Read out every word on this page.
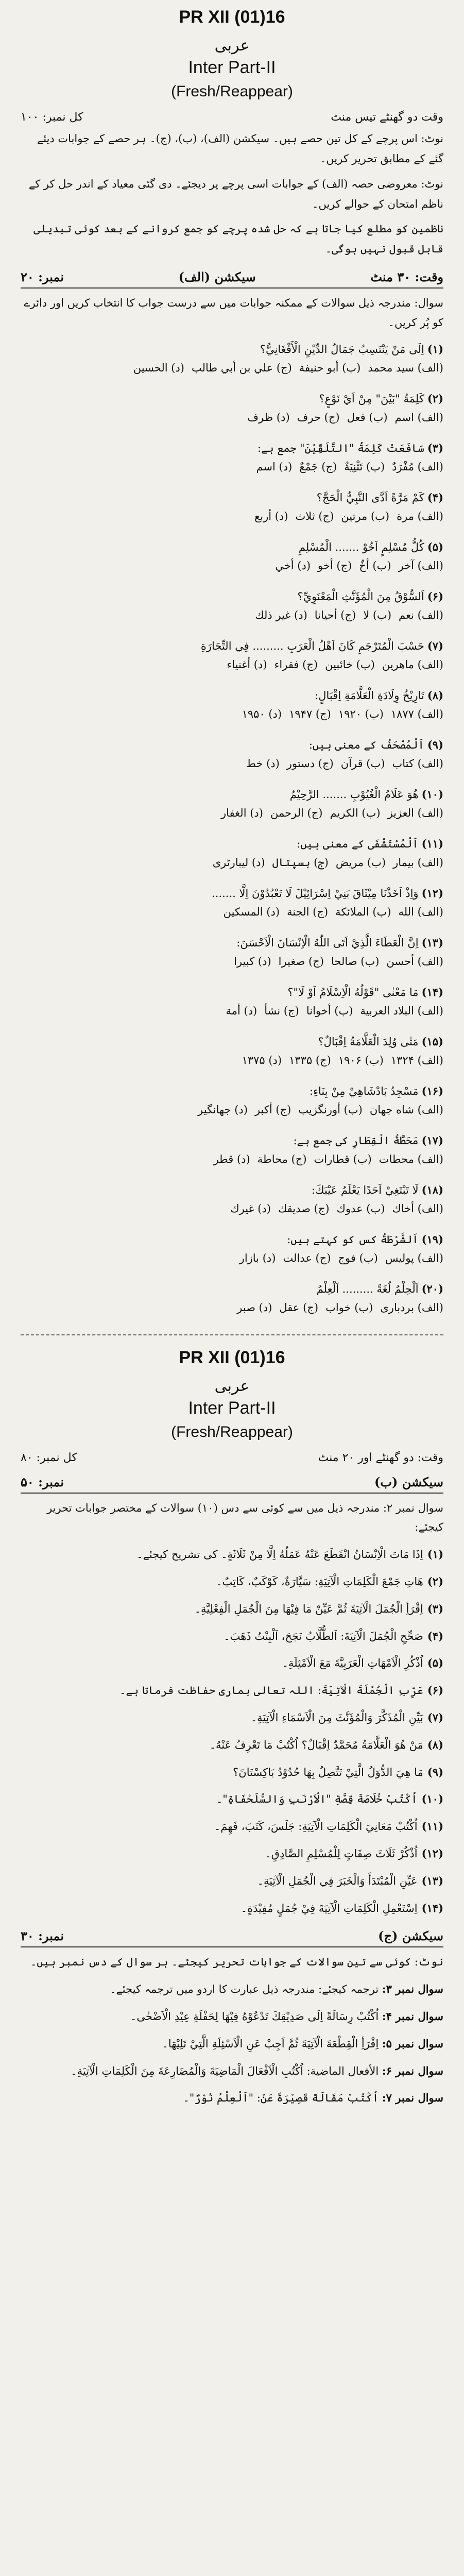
PR XII (01)16
عربی
Inter Part-II
(Fresh/Reappear)
وقت دو گھنٹے تیس منٹ
کل نمبر: ۱۰۰
نوٹ: اس پرچے کے کل تین حصے ہیں۔ سیکشن (الف)، (ب)، (ج)۔ ہر حصے کے جوابات دیئے گئے کے مطابق تحریر کریں۔
نوٹ: معروضی حصہ (الف) کے جوابات اسی پرچے پر دیجئے۔ دی گئی معیاد کے اندر حل کر کے ناظم امتحان کے حوالے کریں۔
ناظمین کو مطلع کیا جاتا ہے کہ حل شدہ پرچے کو جمع کروانے کے بعد کوئی تبدیلی قابل قبول نہیں ہوگی۔
وقت: ۳۰ منٹ
سیکشن (الف)
نمبر: ۲۰
سوال: مندرجہ ذیل سوالات کے ممکنہ جوابات میں سے درست جواب کا انتخاب کریں اور دائرے کو پُر کریں۔
(۱)اِلَى مَنْ يَنْتَسِبُ جَمَالُ الدِّيْنِ الْأَفْغَانِيُّ؟
(الف) سيد محمد(ب) أبو حنيفة(ج) علي بن أبي طالب(د) الحسين
(۲)كَلِمَةُ "بَيْنَ" مِنْ اَيْ نَوْعٍ؟
(الف) اسم(ب) فعل(ج) حرف(د) ظرف
(۳)سَافَعَتْ كَلِمَةُ "التَّلَقِّيْنَ" جمع ہے:
(الف) مُفْرَدٌ(ب) تَثْنِيَةٌ(ج) جَمْعٌ(د) اسم
(۴)كَمْ مَرَّةً اَدَّى النَّبِيُّ الْحَجَّ؟
(الف) مرة(ب) مرتين(ج) ثلاث(د) أربع
(۵)كُلُّ مُسْلِمٍ اَخُوْ ....... الْمُسْلِمِ
(الف) آخر(ب) أخٌ(ج) أخو(د) أخي
(۶)اَلسُّوْقُ مِنَ الْمُؤَنَّثِ الْمَعْنَوِيِّ؟
(الف) نعم(ب) لا(ج) أحيانا(د) غير ذلك
(۷)حَسْبَ الْمُتَرْجَمِ كَانَ اَهْلُ الْعَرَبِ ......... فِي التِّجَارَةِ
(الف) ماهرين(ب) خائبين(ج) فقراء(د) أغنياء
(۸)تَارِيْخُ وِلَادَةِ الْعَلَّامَةِ اِقْبَالٍ:
(الف) ۱۸۷۷(ب) ۱۹۲۰(ج) ۱۹۴۷(د) ۱۹۵۰
(۹)اَلْمُصْحَفُ کے معنی ہیں:
(الف) کتاب(ب) قرآن(ج) دستور(د) خط
(۱۰)هُوَ عَلَامُ الْغُيُوْبِ ....... الرَّحِيْمُ
(الف) العزيز(ب) الكريم(ج) الرحمن(د) الغفار
(۱۱)اَلْمُسْتَشْفَى کے معنی ہیں:
(الف) بیمار(ب) مریض(ج) ہسپتال(د) لیبارٹری
(۱۲)وَاِذْ اَخَذْنَا مِيْثَاقَ بَنِيْ اِسْرَائِيْلَ لَا تَعْبُدُوْنَ اِلَّا .......
(الف) الله(ب) الملائكة(ج) الجنة(د) المسكين
(۱۳)اِنَّ الْعَطَاءَ الَّذِيْ اَتَى اللّٰهُ الْاِنْسَانَ الْاَحْسَنَ:
(الف) أحسن(ب) صالحا(ج) صغيرا(د) كبيرا
(۱۴)مَا مَعْنٰى "قَوْلُهُ الْاِسْلَامُ اَوْ لَا"؟
(الف) البلاد العربية(ب) أخوانا(ج) نشأ(د) أمة
(۱۵)مَتٰى وُلِدَ الْعَلَّامَةُ اِقْبَالٌ؟
(الف) ۱۳۲۴(ب) ۱۹۰۶(ج) ۱۳۳۵(د) ۱۳۷۵
(۱۶)مَسْجِدُ بَادْشَاهِيْ مِنْ بِنَاءِ:
(الف) شاه جهان(ب) أورنگزيب(ج) أكبر(د) جهانگير
(۱۷)مَحَطَّةُ الْقِطَارِ کی جمع ہے:
(الف) محطات(ب) قطارات(ج) محاطة(د) قطر
(۱۸)لَا تَبْتَغِيْ اَحَدًا يَعْلَمُ عَيْبَكَ:
(الف) أخاك(ب) عدوك(ج) صديقك(د) غيرك
(۱۹)اَلشَّرْطَةُ کس کو کہتے ہیں:
(الف) پولیس(ب) فوج(ج) عدالت(د) بازار
(۲۰)اَلْحِلْمُ لُغَةً ......... اَلْعِلْمُ
(الف) بردباری(ب) خواب(ج) عقل(د) صبر
PR XII (01)16
عربی
Inter Part-II
(Fresh/Reappear)
وقت: دو گھنٹے اور ۲۰ منٹ
کل نمبر: ۸۰
سیکشن (ب)
نمبر: ۵۰
سوال نمبر ۲: مندرجہ ذیل میں سے کوئی سے دس (۱۰) سوالات کے مختصر جوابات تحریر کیجئے:
(۱)اِذَا مَاتَ الْاِنْسَانُ انْقَطَعَ عَنْهُ عَمَلُهُ اِلَّا مِنْ ثَلَاثَةٍ۔ کی تشریح کیجئے۔
(۲)هَاتِ جَمْعَ الْكَلِمَاتِ الْآتِيَةِ: سَيَّارَةٌ، كَوْكَبٌ، كَاتِبٌ۔
(۳)اِقْرَأِ الْجُمَلَ الْآتِيَةَ ثُمَّ عَيِّنْ مَا فِيْهَا مِنَ الْجُمَلِ الْفِعْلِيَّةِ۔
(۴)صَحِّحِ الْجُمَلَ الْآتِيَةَ: اَلطُّلَّابُ نَجَحَ، اَلْبِنْتُ ذَهَبَ۔
(۵)اُذْكُرِ الْاَمْهَاتِ الْعَرَبِيَّةَ مَعَ الْاَمْثِلَةِ۔
(۶)عَرِّبِ الْجُمْلَةَ الْآتِيَةَ: اللہ تعالی ہماری حفاظت فرماتا ہے۔
(۷)بَيِّنِ الْمُذَكَّرَ وَالْمُؤَنَّثَ مِنَ الْاَسْمَاءِ الْآتِيَةِ۔
(۸)مَنْ هُوَ الْعَلَّامَةُ مُحَمَّدٌ اِقْبَالٌ؟ اُكْتُبْ مَا تَعْرِفُ عَنْهُ۔
(۹)مَا هِيَ الدُّوَلُ الَّتِيْ تَتَّصِلُ بِهَا حُدُوْدُ بَاكِسْتَانَ؟
(۱۰)اُكْتُبْ خُلَاصَةَ قِصَّةِ "الْاَرْنَبِ وَالسُّلَحْفَاةِ"۔
(۱۱)اُكْتُبْ مَعَانِيَ الْكَلِمَاتِ الْآتِيَةِ: جَلَسَ، كَتَبَ، فَهِمَ۔
(۱۲)اُذْكُرْ ثَلَاثَ صِفَاتٍ لِلْمُسْلِمِ الصَّادِقِ۔
(۱۳)عَيِّنِ الْمُبْتَدَأَ وَالْخَبَرَ فِي الْجُمَلِ الْآتِيَةِ۔
(۱۴)اِسْتَعْمِلِ الْكَلِمَاتِ الْآتِيَةَ فِيْ جُمَلٍ مُفِيْدَةٍ۔
سیکشن (ج)
نمبر: ۳۰
نوٹ: کوئی سے تین سوالات کے جوابات تحریر کیجئے۔ ہر سوال کے دس نمبر ہیں۔
سوال نمبر ۳: ترجمہ کیجئے: مندرجہ ذیل عبارت کا اردو میں ترجمہ کیجئے۔
سوال نمبر ۴: اُكْتُبْ رِسَالَةً اِلَى صَدِيْقِكَ تَدْعُوْهُ فِيْهَا لِحَفْلَةِ عِيْدِ الْاَضْحٰى۔
سوال نمبر ۵: اِقْرَأِ الْقِطْعَةَ الْآتِيَةَ ثُمَّ اَجِبْ عَنِ الْاَسْئِلَةِ الَّتِيْ تَلِيْهَا۔
سوال نمبر ۶: الأفعال الماضية: اُكْتُبِ الْاَفْعَالَ الْمَاضِيَةَ وَالْمُضَارِعَةَ مِنَ الْكَلِمَاتِ الْآتِيَةِ۔
سوال نمبر ۷: اُكْتُبْ مَقَالَةً قَصِيْرَةً عَنْ: "اَلْعِلْمُ نُوْرٌ"۔
